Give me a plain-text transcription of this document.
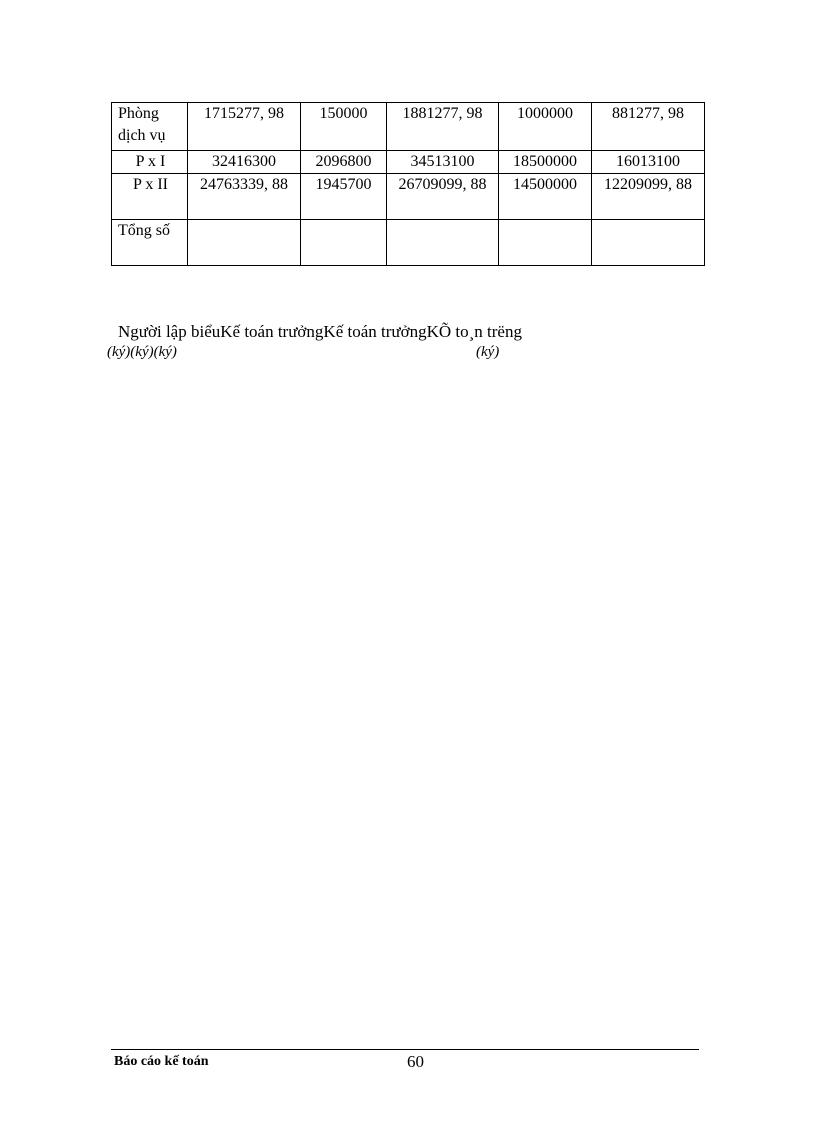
Phòng dịch vụ	1715277, 98	150000	1881277, 98	1000000	881277, 98
P x I	32416300	2096800	34513100	18500000	16013100
P x II	24763339, 88	1945700	26709099, 88	14500000	12209099, 88
Tổng số					
Người lập biểuKế toán trưởngKế toán trưởngKÕ to¸n trëng
(ký)(ký)(ký)	(ký)
Báo cáo kế toán	60
